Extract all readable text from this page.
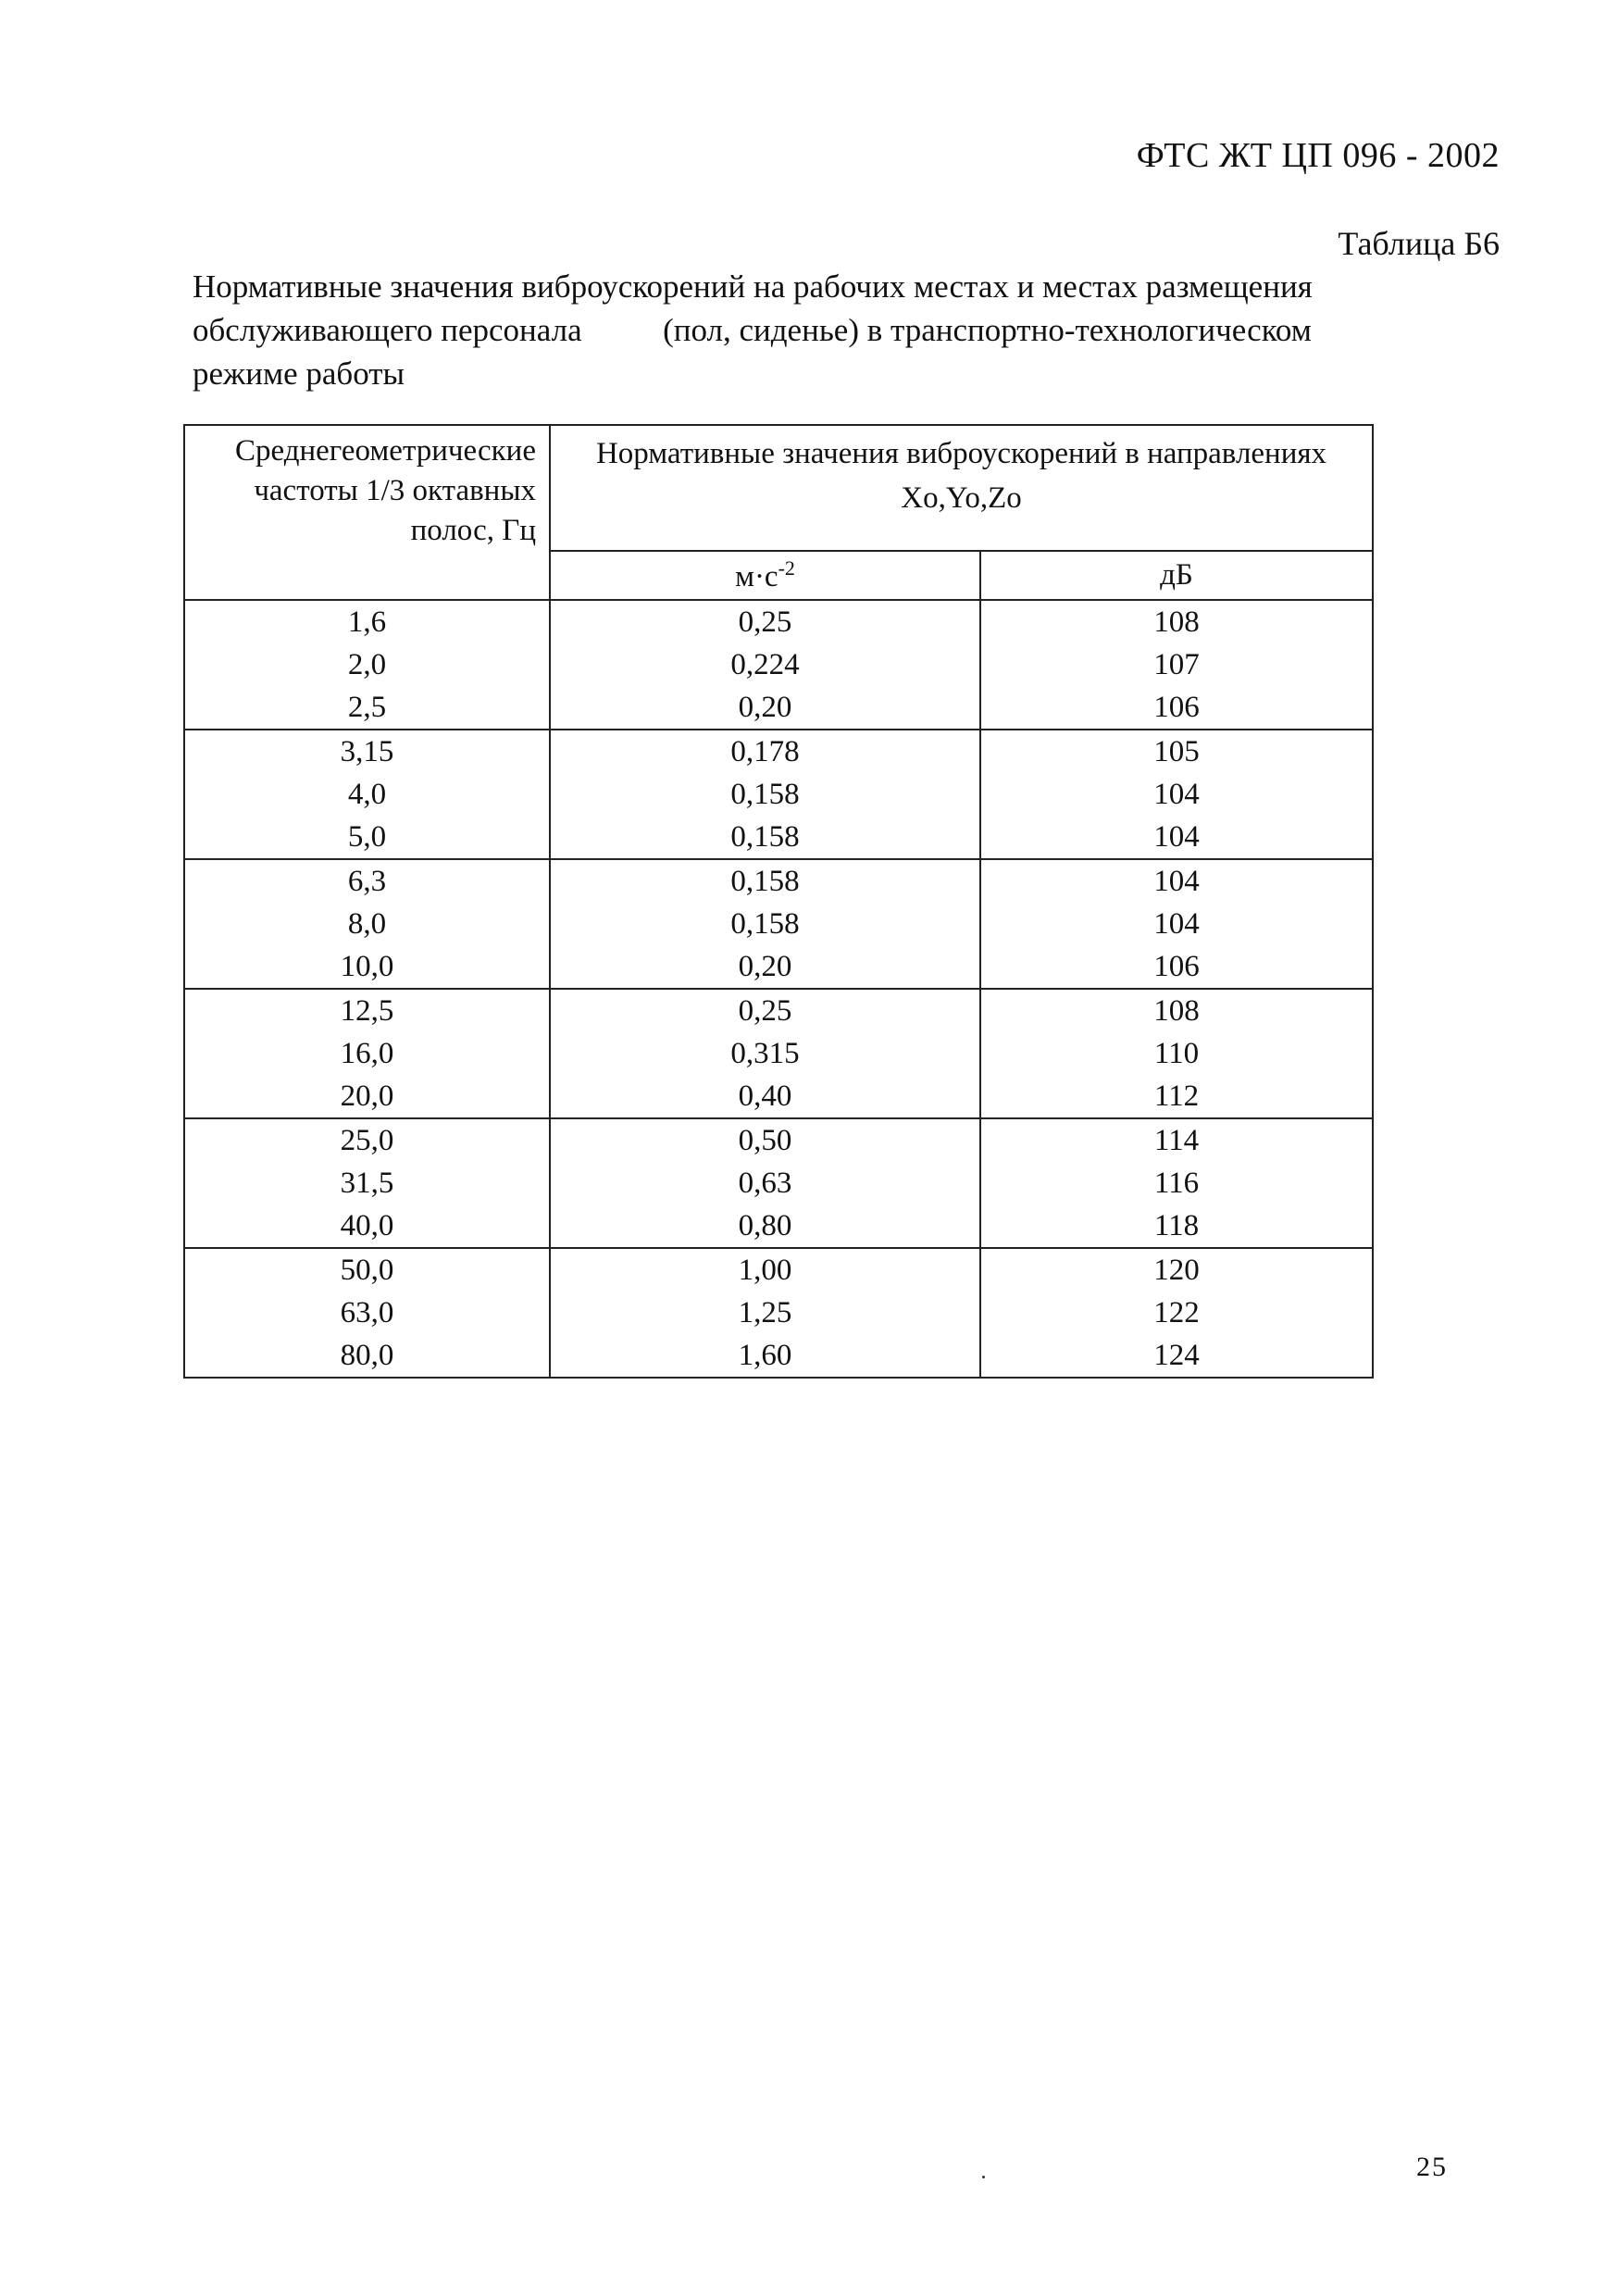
ФТС ЖТ ЦП 096 - 2002
Таблица Б6
Нормативные значения виброускорений на рабочих местах и местах размещения
обслуживающего персонала          (пол, сиденье) в транспортно-технологическом
режиме работы
Среднегеометрические
частоты 1/3 октавных
полос, Гц	Нормативные значения виброускорений в направлениях
Xo,Yo,Zo	

	$м\cdot с^{-2}$	дБ
1,6	0,25	108
2,0	0,224	107
2,5	0,20	106
3,15	0,178	105
4,0	0,158	104
5,0	0,158	104
6,3	0,158	104
8,0	0,158	104
10,0	0,20	106
12,5	0,25	108
16,0	0,315	110
20,0	0,40	112
25,0	0,50	114
31,5	0,63	116
40,0	0,80	118
50,0	1,00	120
63,0	1,25	122
80,0	1,60	124
25
